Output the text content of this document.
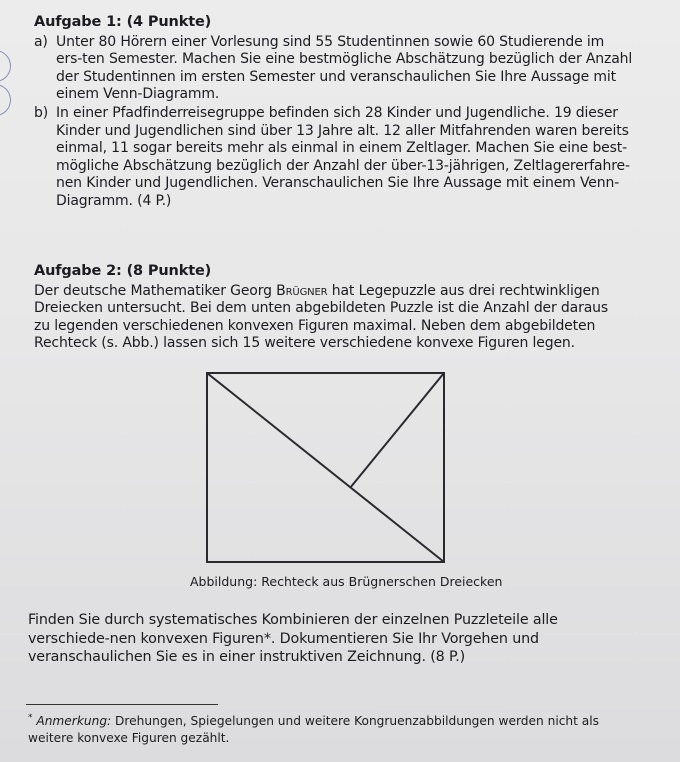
Aufgabe 1: (4 Punkte)
a) Unter 80 Hörern einer Vorlesung sind 55 Studentinnen sowie 60 Studierende im ers-ten Semester. Machen Sie eine bestmögliche Abschätzung bezüglich der Anzahl der Studentinnen im ersten Semester und veranschaulichen Sie Ihre Aussage mit einem Venn-Diagramm.
b) In einer Pfadfinderreisegruppe befinden sich 28 Kinder und Jugendliche. 19 dieser Kinder und Jugendlichen sind über 13 Jahre alt. 12 aller Mitfahrenden waren bereits einmal, 11 sogar bereits mehr als einmal in einem Zeltlager. Machen Sie eine best-mögliche Abschätzung bezüglich der Anzahl der über-13-jährigen, Zeltlagererfahre-nen Kinder und Jugendlichen. Veranschaulichen Sie Ihre Aussage mit einem Venn-Diagramm. (4 P.)
Aufgabe 2: (8 Punkte)
Der deutsche Mathematiker Georg Brügner hat Legepuzzle aus drei rechtwinkligen Dreiecken untersucht. Bei dem unten abgebildeten Puzzle ist die Anzahl der daraus zu legenden verschiedenen konvexen Figuren maximal. Neben dem abgebildeten Rechteck (s. Abb.) lassen sich 15 weitere verschiedene konvexe Figuren legen.
Abbildung: Rechteck aus Brügnerschen Dreiecken
Finden Sie durch systematisches Kombinieren der einzelnen Puzzleteile alle verschiede-nen konvexen Figuren*. Dokumentieren Sie Ihr Vorgehen und veranschaulichen Sie es in einer instruktiven Zeichnung. (8 P.)
* Anmerkung: Drehungen, Spiegelungen und weitere Kongruenzabbildungen werden nicht als weitere konvexe Figuren gezählt.
